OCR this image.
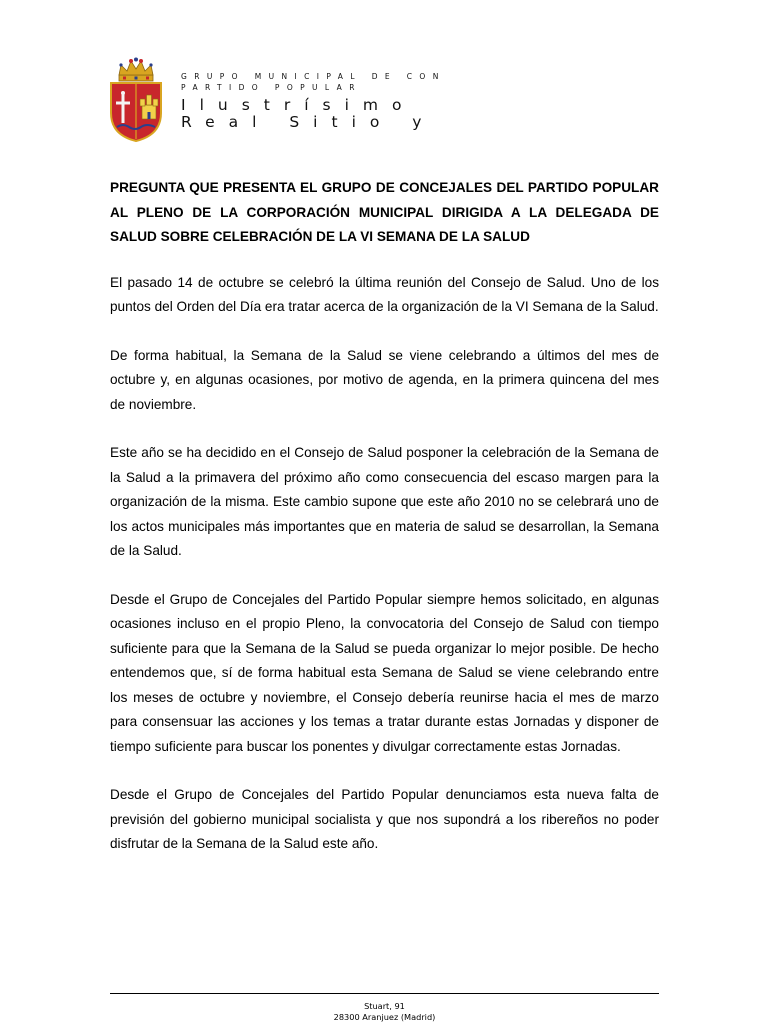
GRUPO MUNICIPAL DE CON
PARTIDO POPULAR
Ilustrísimo
Real Sitio y

PREGUNTA QUE PRESENTA EL GRUPO DE CONCEJALES DEL PARTIDO POPULAR AL PLENO DE LA CORPORACIÓN MUNICIPAL DIRIGIDA A LA DELEGADA DE SALUD SOBRE CELEBRACIÓN DE LA VI SEMANA DE LA SALUD

El pasado 14 de octubre se celebró la última reunión del Consejo de Salud. Uno de los puntos del Orden del Día era tratar acerca de la organización de la VI Semana de la Salud.

De forma habitual, la Semana de la Salud se viene celebrando a últimos del mes de octubre y, en algunas ocasiones, por motivo de agenda, en la primera quincena del mes de noviembre.

Este año se ha decidido en el Consejo de Salud posponer la celebración de la Semana de la Salud a la primavera del próximo año como consecuencia del escaso margen para la organización de la misma. Este cambio supone que este año 2010 no se celebrará uno de los actos municipales más importantes que en materia de salud se desarrollan, la Semana de la Salud.

Desde el Grupo de Concejales del Partido Popular siempre hemos solicitado, en algunas ocasiones incluso en el propio Pleno, la convocatoria del Consejo de Salud con tiempo suficiente para que la Semana de la Salud se pueda organizar lo mejor posible. De hecho entendemos que, sí de forma habitual esta Semana de Salud se viene celebrando entre los meses de octubre y noviembre, el Consejo debería reunirse hacia el mes de marzo para consensuar las acciones y los temas a tratar durante estas Jornadas y disponer de tiempo suficiente para buscar los ponentes y divulgar correctamente estas Jornadas.

Desde el Grupo de Concejales del Partido Popular denunciamos esta nueva falta de previsión del gobierno municipal socialista y que nos supondrá a los ribereños no poder disfrutar de la Semana de la Salud este año.

Stuart, 91
28300 Aranjuez (Madrid)
